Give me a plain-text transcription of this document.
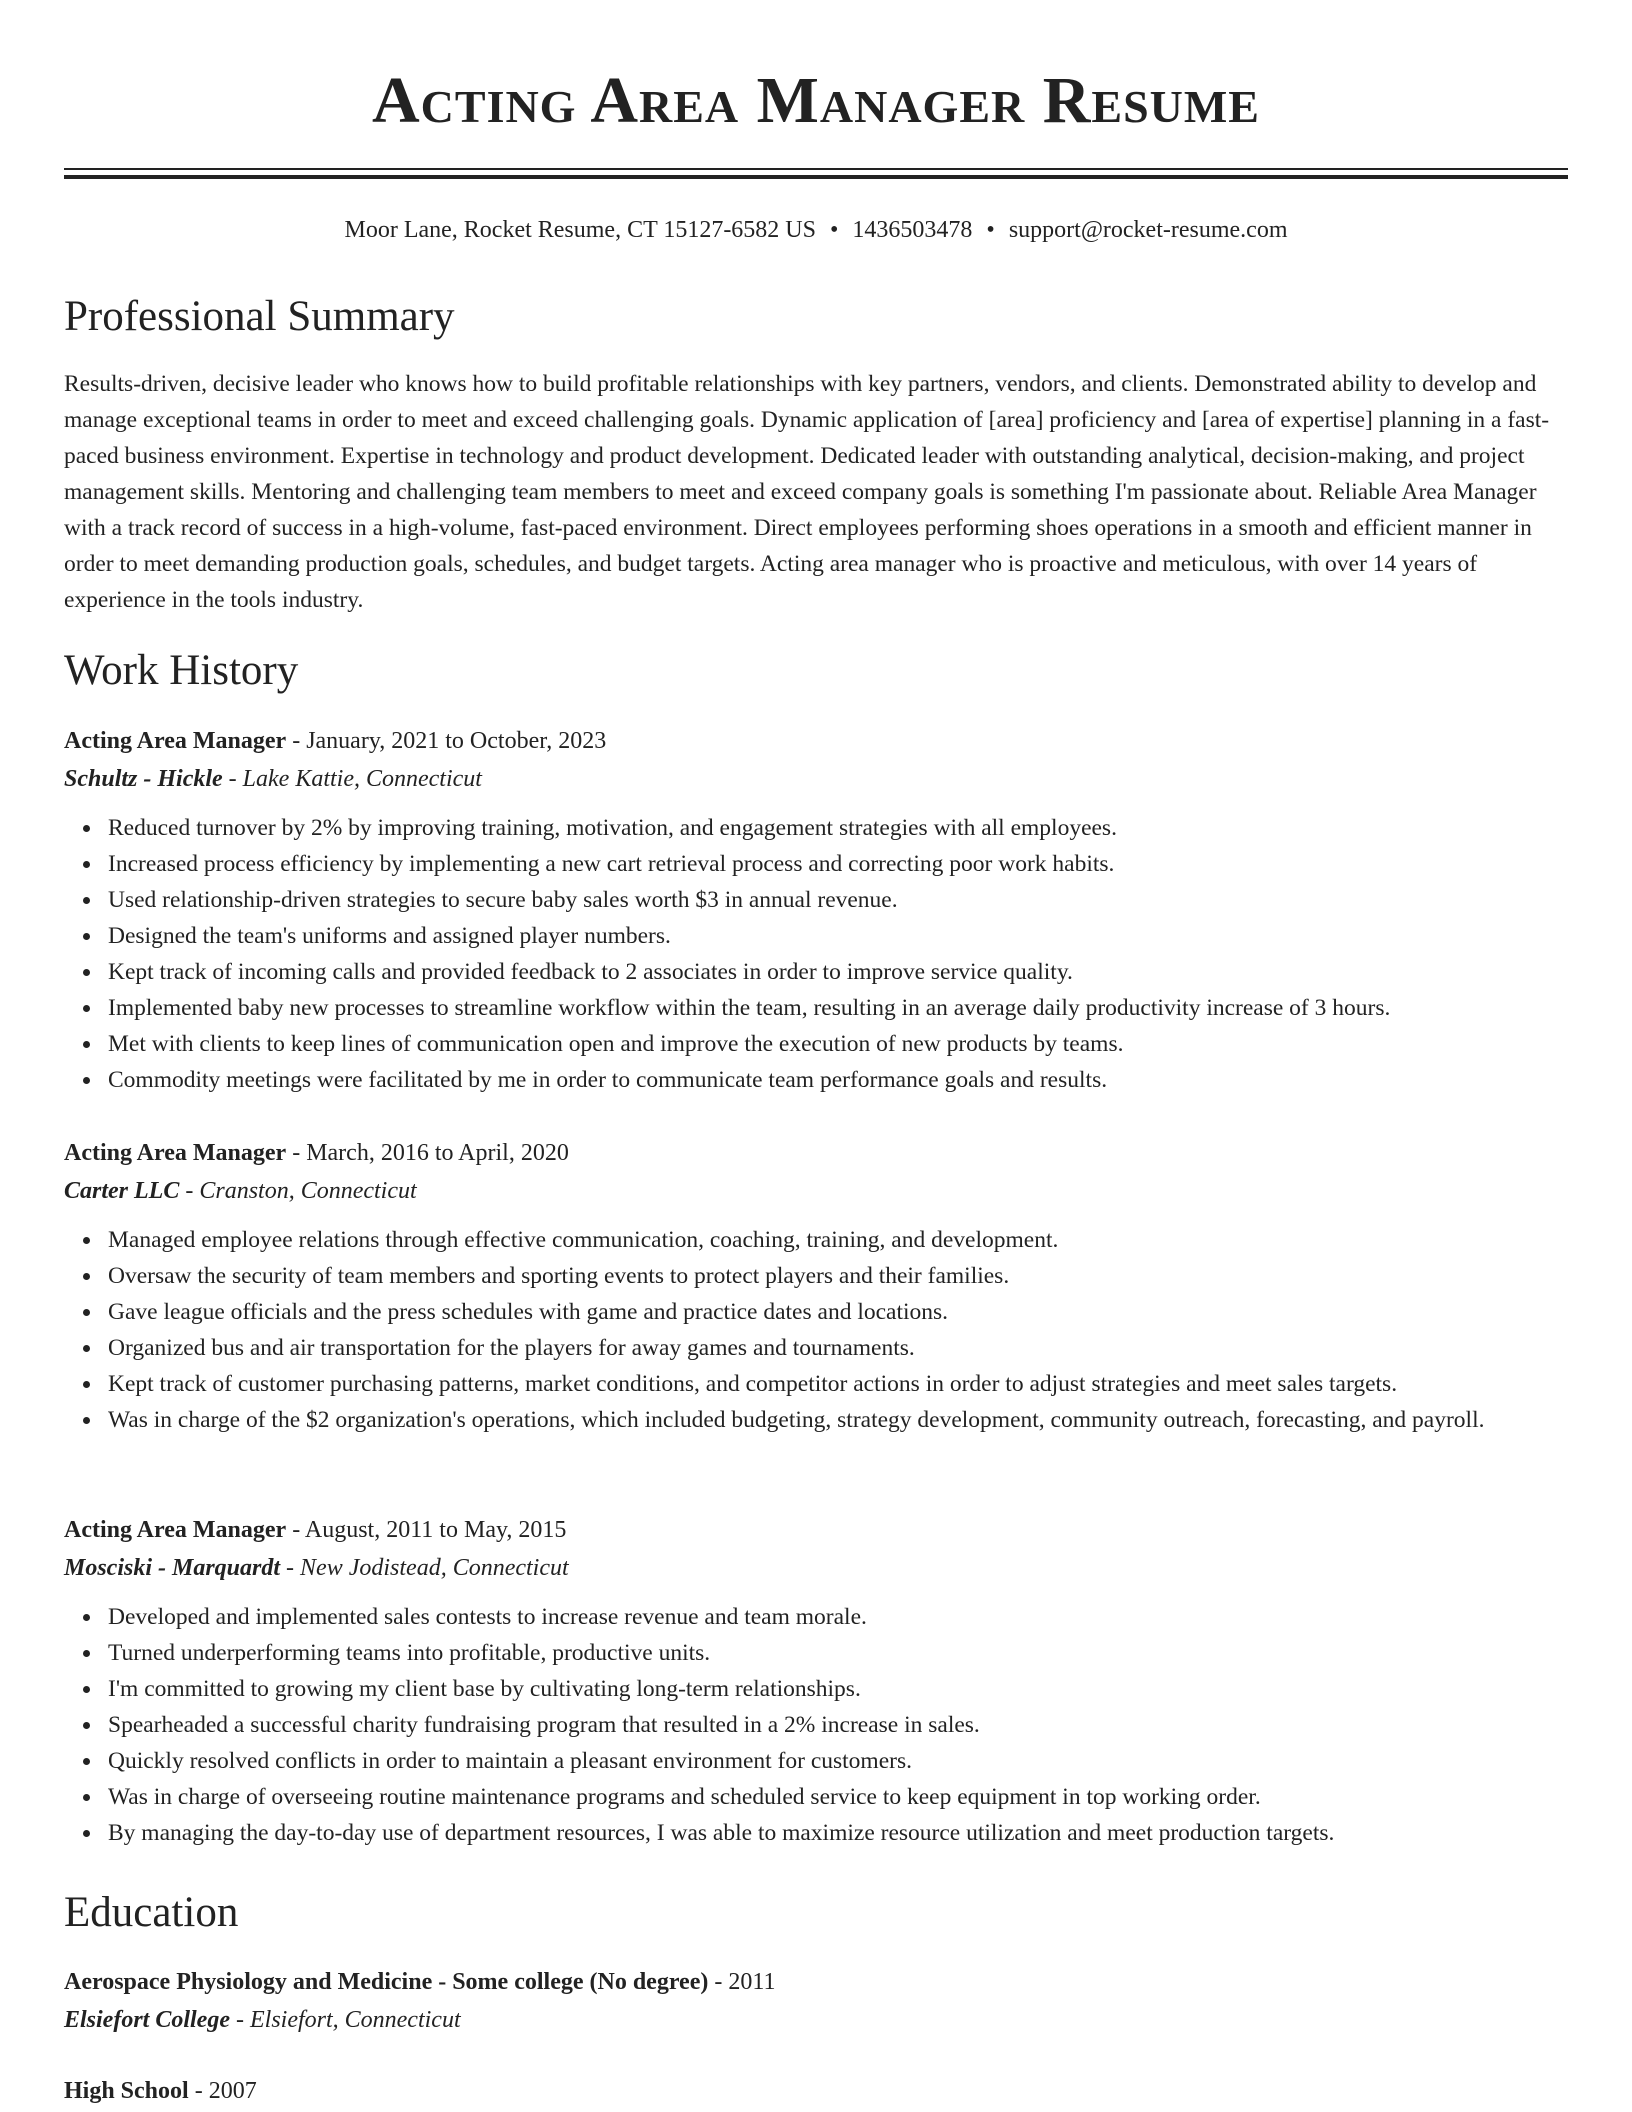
Acting Area Manager Resume
Moor Lane, Rocket Resume, CT 15127-6582 US • 1436503478 • support@rocket-resume.com
Professional Summary
Results-driven, decisive leader who knows how to build profitable relationships with key partners, vendors, and clients. Demonstrated ability to develop and manage exceptional teams in order to meet and exceed challenging goals. Dynamic application of [area] proficiency and [area of expertise] planning in a fast-paced business environment. Expertise in technology and product development. Dedicated leader with outstanding analytical, decision-making, and project management skills. Mentoring and challenging team members to meet and exceed company goals is something I'm passionate about. Reliable Area Manager with a track record of success in a high-volume, fast-paced environment. Direct employees performing shoes operations in a smooth and efficient manner in order to meet demanding production goals, schedules, and budget targets. Acting area manager who is proactive and meticulous, with over 14 years of experience in the tools industry.
Work History
Acting Area Manager - January, 2021 to October, 2023
Schultz - Hickle - Lake Kattie, Connecticut
Reduced turnover by 2% by improving training, motivation, and engagement strategies with all employees.
Increased process efficiency by implementing a new cart retrieval process and correcting poor work habits.
Used relationship-driven strategies to secure baby sales worth $3 in annual revenue.
Designed the team's uniforms and assigned player numbers.
Kept track of incoming calls and provided feedback to 2 associates in order to improve service quality.
Implemented baby new processes to streamline workflow within the team, resulting in an average daily productivity increase of 3 hours.
Met with clients to keep lines of communication open and improve the execution of new products by teams.
Commodity meetings were facilitated by me in order to communicate team performance goals and results.
Acting Area Manager - March, 2016 to April, 2020
Carter LLC - Cranston, Connecticut
Managed employee relations through effective communication, coaching, training, and development.
Oversaw the security of team members and sporting events to protect players and their families.
Gave league officials and the press schedules with game and practice dates and locations.
Organized bus and air transportation for the players for away games and tournaments.
Kept track of customer purchasing patterns, market conditions, and competitor actions in order to adjust strategies and meet sales targets.
Was in charge of the $2 organization's operations, which included budgeting, strategy development, community outreach, forecasting, and payroll.
Acting Area Manager - August, 2011 to May, 2015
Mosciski - Marquardt - New Jodistead, Connecticut
Developed and implemented sales contests to increase revenue and team morale.
Turned underperforming teams into profitable, productive units.
I'm committed to growing my client base by cultivating long-term relationships.
Spearheaded a successful charity fundraising program that resulted in a 2% increase in sales.
Quickly resolved conflicts in order to maintain a pleasant environment for customers.
Was in charge of overseeing routine maintenance programs and scheduled service to keep equipment in top working order.
By managing the day-to-day use of department resources, I was able to maximize resource utilization and meet production targets.
Education
Aerospace Physiology and Medicine - Some college (No degree) - 2011
Elsiefort College - Elsiefort, Connecticut
High School - 2007
